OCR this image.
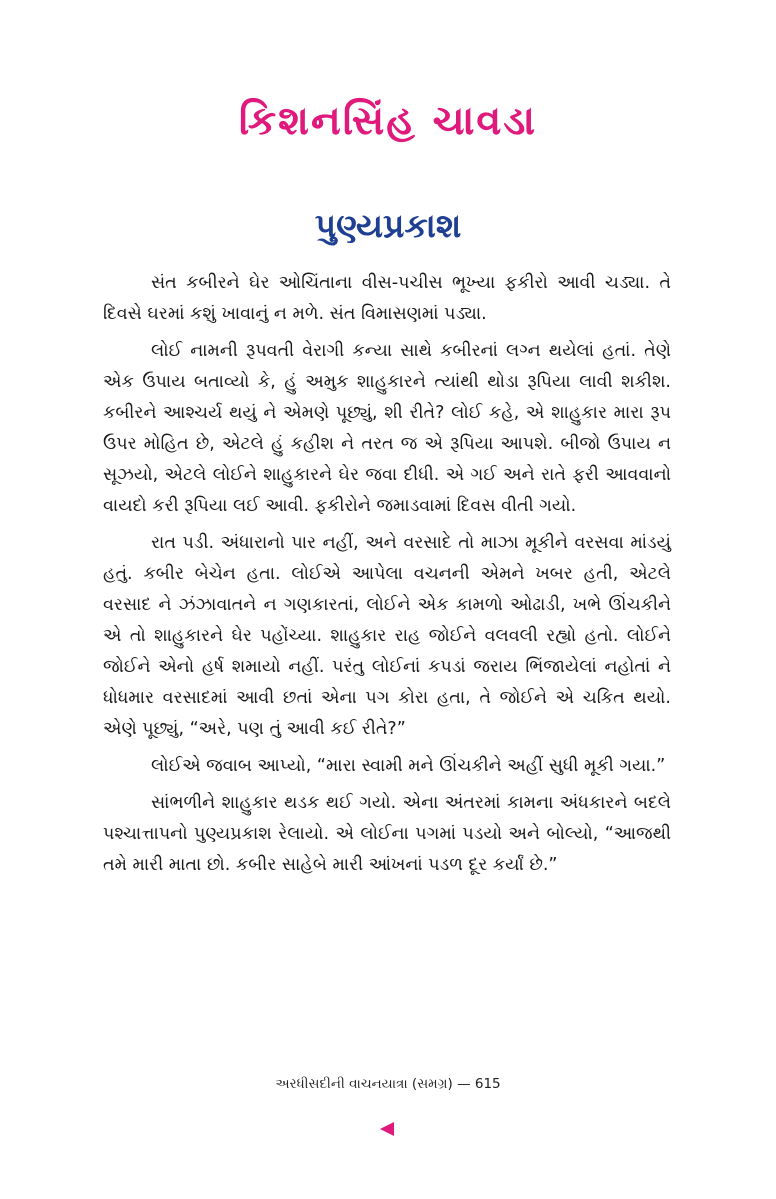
કિશનસિંહ ચાવડા
પુણ્યપ્રકાશ

સંત કબીરને ઘેર ઓચિંતાના વીસ-પચીસ ભૂખ્યા ફકીરો આવી ચડ્યા. તે દિવસે ઘરમાં કશું ખાવાનું ન મળે. સંત વિમાસણમાં પડ્યા.

લોઈ નામની રૂપવતી વેરાગી કન્યા સાથે કબીરનાં લગ્ન થયેલાં હતાં. તેણે એક ઉપાય બતાવ્યો કે, હું અમુક શાહુકારને ત્યાંથી થોડા રૂપિયા લાવી શકીશ. કબીરને આશ્ચર્ય થયું ને એમણે પૂછ્યું, શી રીતે? લોઈ કહે, એ શાહુકાર મારા રૂપ ઉપર મોહિત છે, એટલે હું કહીશ ને તરત જ એ રૂપિયા આપશે. બીજો ઉપાય ન સૂઝયો, એટલે લોઈને શાહુકારને ઘેર જવા દીધી. એ ગઈ અને રાતે ફરી આવવાનો વાયદો કરી રૂપિયા લઈ આવી. ફકીરોને જમાડવામાં દિવસ વીતી ગયો.

રાત પડી. અંધારાનો પાર નહીં, અને વરસાદે તો માઝા મૂકીને વરસવા માંડયું હતું. કબીર બેચેન હતા. લોઈએ આપેલા વચનની એમને ખબર હતી, એટલે વરસાદ ને ઝંઝાવાતને ન ગણકારતાં, લોઈને એક કામળો ઓઢાડી, ખભે ઊંચકીને એ તો શાહુકારને ઘેર પહોંચ્યા. શાહુકાર રાહ જોઈને વલવલી રહ્યો હતો. લોઈને જોઈને એનો હર્ષ શમાયો નહીં. પરંતુ લોઈનાં કપડાં જરાય ભિંજાયેલાં નહોતાં ને ધોધમાર વરસાદમાં આવી છતાં એના પગ કોરા હતા, તે જોઈને એ ચકિત થયો. એણે પૂછ્યું, “અરે, પણ તું આવી કઈ રીતે?”

લોઈએ જવાબ આપ્યો, “મારા સ્વામી મને ઊંચકીને અહીં સુધી મૂકી ગયા.”

સાંભળીને શાહુકાર થડક થઈ ગયો. એના અંતરમાં કામના અંધકારને બદલે પશ્ચાત્તાપનો પુણ્યપ્રકાશ રેલાયો. એ લોઈના પગમાં પડયો અને બોલ્યો, “આજથી તમે મારી માતા છો. કબીર સાહેબે મારી આંખનાં પડળ દૂર કર્યાં છે.”

અરધીસદીની વાચનયાત્રા (સમગ્ર) — 615
